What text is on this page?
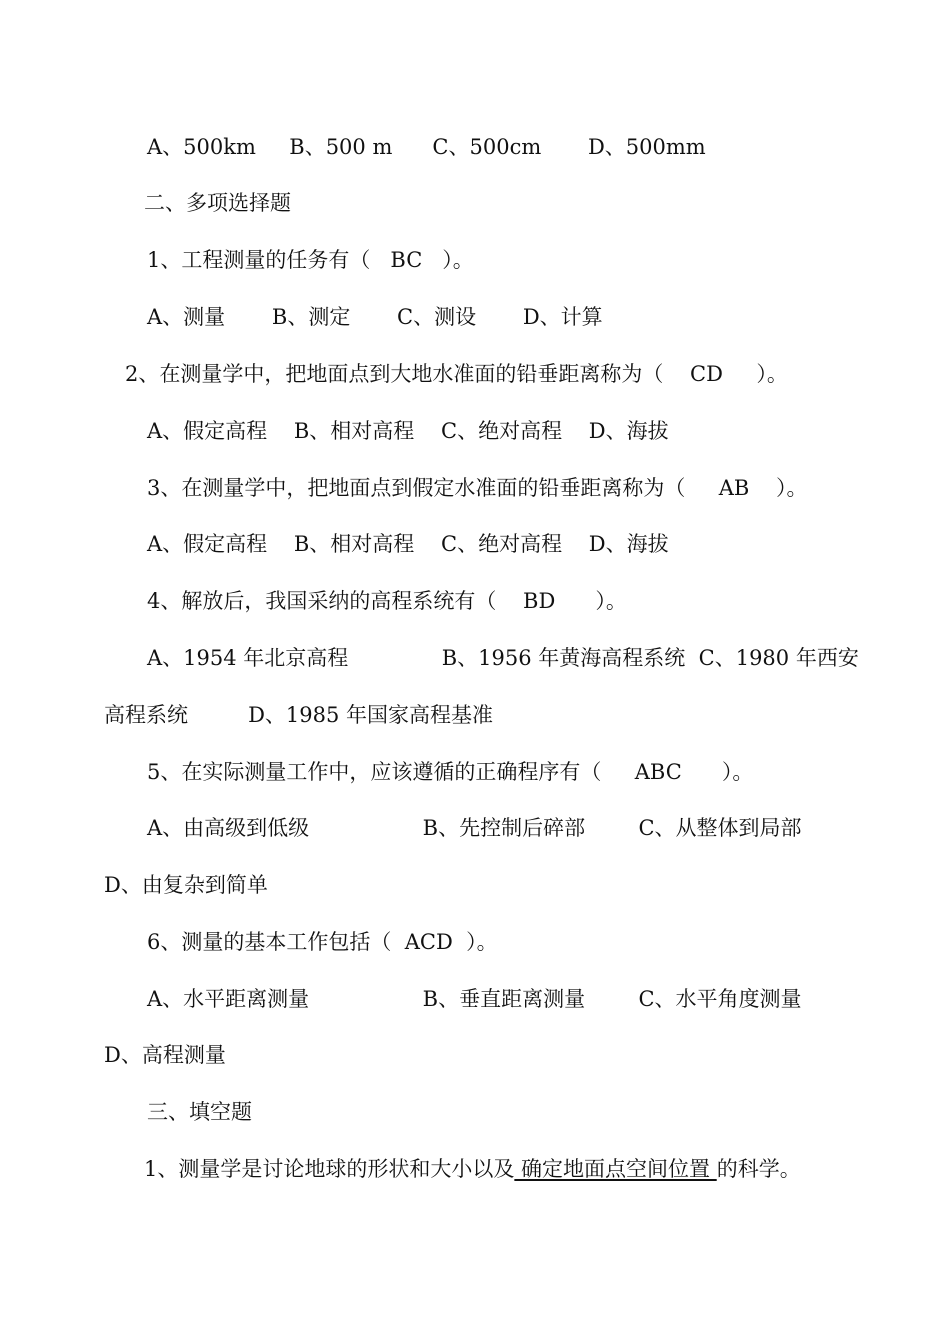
A、500km     B、500 m      C、500cm       D、500mm
二、多项选择题
1、工程测量的任务有（   BC   ）。
A、测量       B、测定       C、测设       D、计算
2、在测量学中，把地面点到大地水准面的铅垂距离称为（    CD     ）。
A、假定高程    B、相对高程    C、绝对高程    D、海拔
3、在测量学中，把地面点到假定水准面的铅垂距离称为（     AB    ）。
A、假定高程    B、相对高程    C、绝对高程    D、海拔
4、解放后，我国采纳的高程系统有（    BD      ）。
A、1954 年北京高程              B、1956 年黄海高程系统  C、1980 年西安
高程系统         D、1985 年国家高程基准
5、在实际测量工作中，应该遵循的正确程序有（     ABC      ）。
A、由高级到低级                 B、先控制后碎部        C、从整体到局部
D、由复杂到简单
6、测量的基本工作包括（  ACD  ）。
A、水平距离测量                 B、垂直距离测量        C、水平角度测量
D、高程测量
三、填空题
1、测量学是讨论地球的形状和大小以及 确定地面点空间位置 的科学。
